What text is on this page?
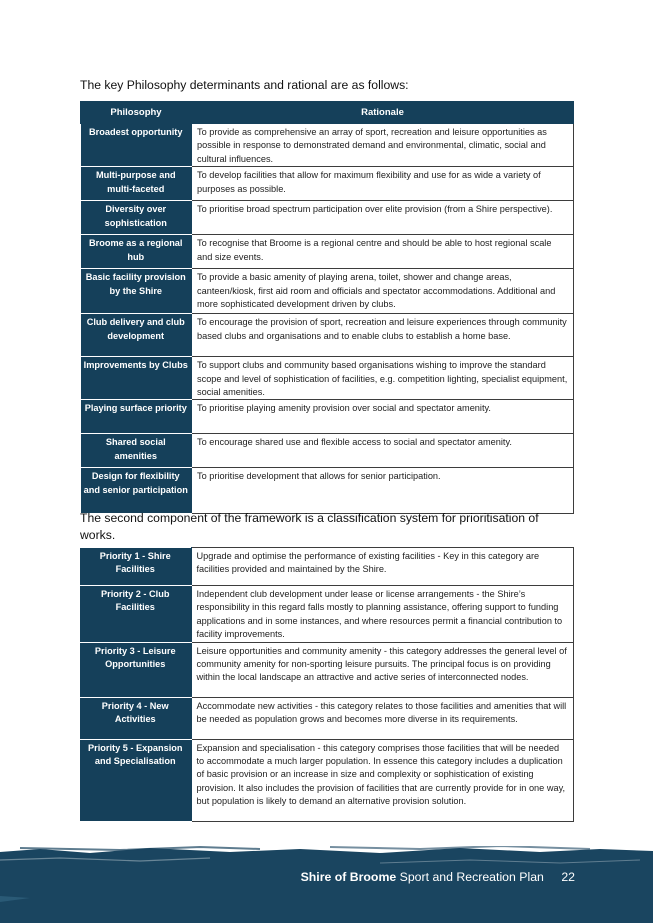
The key Philosophy determinants and rational are as follows:
Philosophy	Rationale
Broadest opportunity	To provide as comprehensive an array of sport, recreation and leisure opportunities as possible in response to demonstrated demand and environmental, climatic, social and cultural influences.
Multi-purpose and multi-faceted	To develop facilities that allow for maximum flexibility and use for as wide a variety of purposes as possible.
Diversity over sophistication	To prioritise broad spectrum participation over elite provision (from a Shire perspective).
Broome as a regional hub	To recognise that Broome is a regional centre and should be able to host regional scale and size events.
Basic facility provision by the Shire	To provide a basic amenity of playing arena, toilet, shower and change areas, canteen/kiosk, first aid room and officials and spectator accommodations. Additional and more sophisticated development driven by clubs.
Club delivery and club development	To encourage the provision of sport, recreation and leisure experiences through community based clubs and organisations and to enable clubs to establish a home base.
Improvements by Clubs	To support clubs and community based organisations wishing to improve the standard scope and level of sophistication of facilities, e.g. competition lighting, specialist equipment, social amenities.
Playing surface priority	To prioritise playing amenity provision over social and spectator amenity.
Shared social amenities	To encourage shared use and flexible access to social and spectator amenity.
Design for flexibility and senior participation	To prioritise development that allows for senior participation.
The second component of the framework is a classification system for prioritisation of works.
Priority 1 - Shire Facilities	Upgrade and optimise the performance of existing facilities - Key in this category are facilities provided and maintained by the Shire.
Priority 2 - Club Facilities	Independent club development under lease or license arrangements - the Shire’s responsibility in this regard falls mostly to planning assistance, offering support to funding applications and in some instances, and where resources permit a financial contribution to facility improvements.
Priority 3 - Leisure Opportunities	Leisure opportunities and community amenity - this category addresses the general level of community amenity for non-sporting leisure pursuits. The principal focus is on providing within the local landscape an attractive and active series of interconnected nodes.
Priority 4 - New Activities	Accommodate new activities - this category relates to those facilities and amenities that will be needed as population grows and becomes more diverse in its requirements.
Priority 5 - Expansion and Specialisation	Expansion and specialisation - this category comprises those facilities that will be needed to accommodate a much larger population. In essence this category includes a duplication of basic provision or an increase in size and complexity or sophistication of existing provision. It also includes the provision of facilities that are currently provide for in one way, but population is likely to demand an alternative provision solution.
Shire of Broome Sport and Recreation Plan 22
